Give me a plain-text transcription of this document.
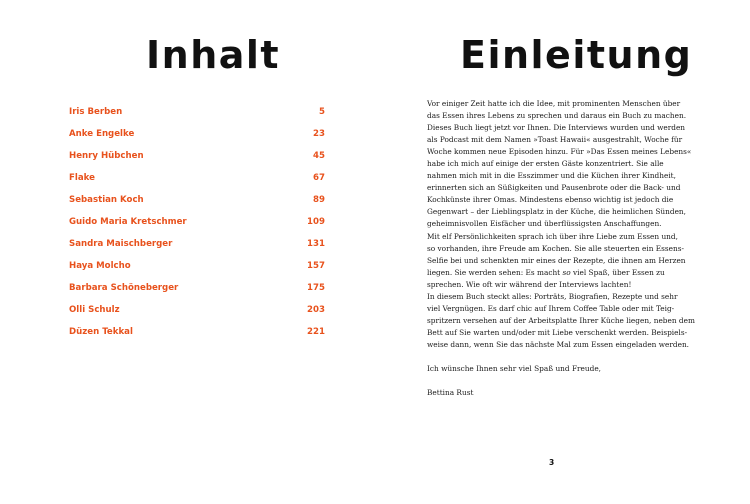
Inhalt
Iris Berben	5
Anke Engelke	23
Henry Hübchen	45
Flake	67
Sebastian Koch	89
Guido Maria Kretschmer	109
Sandra Maischberger	131
Haya Molcho	157
Barbara Schöneberger	175
Olli Schulz	203
Düzen Tekkal	221
Einleitung
Vor einiger Zeit hatte ich die Idee, mit prominenten Menschen über
das Essen ihres Lebens zu sprechen und daraus ein Buch zu machen.
Dieses Buch liegt jetzt vor Ihnen. Die Interviews wurden und werden
als Podcast mit dem Namen »Toast Hawaii« ausgestrahlt, Woche für
Woche kommen neue Episoden hinzu. Für »Das Essen meines Lebens«
habe ich mich auf einige der ersten Gäste konzentriert. Sie alle
nahmen mich mit in die Esszimmer und die Küchen ihrer Kindheit,
erinnerten sich an Süßigkeiten und Pausenbrote oder die Back- und
Kochkünste ihrer Omas. Mindestens ebenso wichtig ist jedoch die
Gegenwart – der Lieblingsplatz in der Küche, die heimlichen Sünden,
geheimnisvollen Eisfächer und überflüssigsten Anschaffungen.
Mit elf Persönlichkeiten sprach ich über ihre Liebe zum Essen und,
so vorhanden, ihre Freude am Kochen. Sie alle steuerten ein Essens-
Selfie bei und schenkten mir eines der Rezepte, die ihnen am Herzen
liegen. Sie werden sehen: Es macht so viel Spaß, über Essen zu
sprechen. Wie oft wir während der Interviews lachten!
In diesem Buch steckt alles: Porträts, Biografien, Rezepte und sehr
viel Vergnügen. Es darf chic auf Ihrem Coffee Table oder mit Teig-
spritzern versehen auf der Arbeitsplatte Ihrer Küche liegen, neben dem
Bett auf Sie warten und/oder mit Liebe verschenkt werden. Beispiels-
weise dann, wenn Sie das nächste Mal zum Essen eingeladen werden.
Ich wünsche Ihnen sehr viel Spaß und Freude,
Bettina Rust
3
